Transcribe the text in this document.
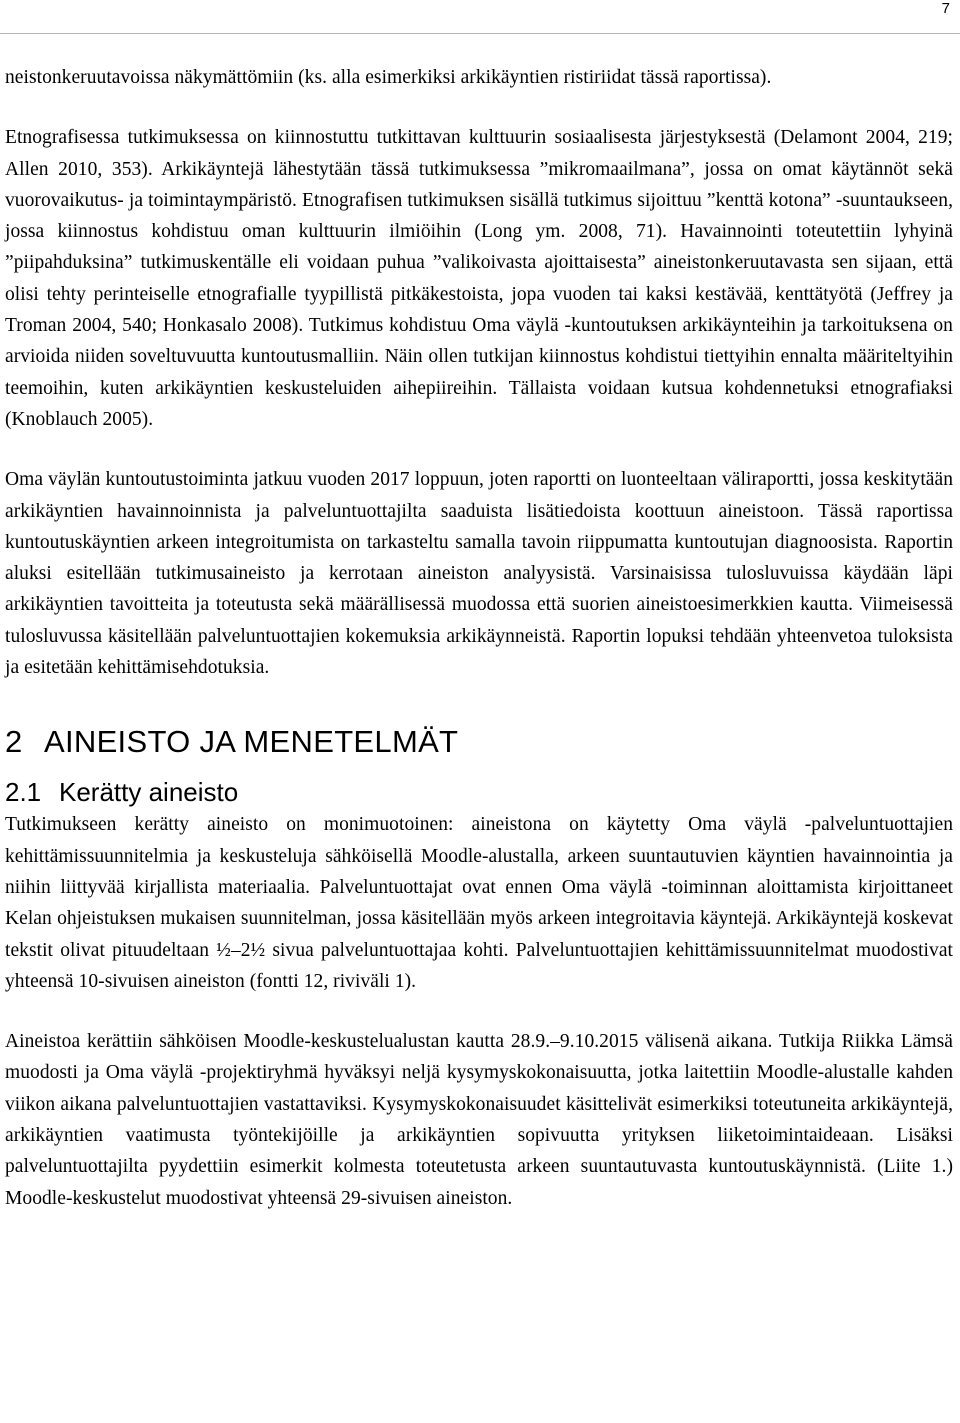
7

neistonkeruutavoissa näkymättömiin (ks. alla esimerkiksi arkikäyntien ristiriidat tässä raportissa).

Etnografisessa tutkimuksessa on kiinnostuttu tutkittavan kulttuurin sosiaalisesta järjestyksestä (Delamont 2004, 219; Allen 2010, 353). Arkikäyntejä lähestytään tässä tutkimuksessa ”mikromaailmana”, jossa on omat käytännöt sekä vuorovaikutus- ja toimintaympäristö. Etnografisen tutkimuksen sisällä tutkimus sijoittuu ”kenttä kotona” -suuntaukseen, jossa kiinnostus kohdistuu oman kulttuurin ilmiöihin (Long ym. 2008, 71). Havainnointi toteutettiin lyhyinä ”piipahduksina” tutkimuskentälle eli voidaan puhua ”valikoivasta ajoittaisesta” aineistonkeruutavasta sen sijaan, että olisi tehty perinteiselle etnografialle tyypillistä pitkäkestoista, jopa vuoden tai kaksi kestävää, kenttätyötä (Jeffrey ja Troman 2004, 540; Honkasalo 2008). Tutkimus kohdistuu Oma väylä -kuntoutuksen arkikäynteihin ja tarkoituksena on arvioida niiden soveltuvuutta kuntoutusmalliin. Näin ollen tutkijan kiinnostus kohdistui tiettyihin ennalta määriteltyihin teemoihin, kuten arkikäyntien keskusteluiden aihepiireihin. Tällaista voidaan kutsua kohdennetuksi etnografiaksi (Knoblauch 2005).

Oma väylän kuntoutustoiminta jatkuu vuoden 2017 loppuun, joten raportti on luonteeltaan väliraportti, jossa keskitytään arkikäyntien havainnoinnista ja palveluntuottajilta saaduista lisätiedoista koottuun aineistoon. Tässä raportissa kuntoutuskäyntien arkeen integroitumista on tarkasteltu samalla tavoin riippumatta kuntoutujan diagnoosista. Raportin aluksi esitellään tutkimusaineisto ja kerrotaan aineiston analyysistä. Varsinaisissa tulosluvuissa käydään läpi arkikäyntien tavoitteita ja toteutusta sekä määrällisessä muodossa että suorien aineistoesimerkkien kautta. Viimeisessä tulosluvussa käsitellään palveluntuottajien kokemuksia arkikäynneistä. Raportin lopuksi tehdään yhteenvetoa tuloksista ja esitetään kehittämisehdotuksia.

2 AINEISTO JA MENETELMÄT
2.1 Kerätty aineisto

Tutkimukseen kerätty aineisto on monimuotoinen: aineistona on käytetty Oma väylä -palveluntuottajien kehittämissuunnitelmia ja keskusteluja sähköisellä Moodle-alustalla, arkeen suuntautuvien käyntien havainnointia ja niihin liittyvää kirjallista materiaalia. Palveluntuottajat ovat ennen Oma väylä -toiminnan aloittamista kirjoittaneet Kelan ohjeistuksen mukaisen suunnitelman, jossa käsitellään myös arkeen integroitavia käyntejä. Arkikäyntejä koskevat tekstit olivat pituudeltaan ½–2½ sivua palveluntuottajaa kohti. Palveluntuottajien kehittämissuunnitelmat muodostivat yhteensä 10-sivuisen aineiston (fontti 12, riviväli 1).

Aineistoa kerättiin sähköisen Moodle-keskustelualustan kautta 28.9.–9.10.2015 välisenä aikana. Tutkija Riikka Lämsä muodosti ja Oma väylä -projektiryhmä hyväksyi neljä kysymyskokonaisuutta, jotka laitettiin Moodle-alustalle kahden viikon aikana palveluntuottajien vastattaviksi. Kysymyskokonaisuudet käsittelivät esimerkiksi toteutuneita arkikäyntejä, arkikäyntien vaatimusta työntekijöille ja arkikäyntien sopivuutta yrityksen liiketoimintaideaan. Lisäksi palveluntuottajilta pyydettiin esimerkit kolmesta toteutetusta arkeen suuntautuvasta kuntoutuskäynnistä. (Liite 1.) Moodle-keskustelut muodostivat yhteensä 29-sivuisen aineiston.
